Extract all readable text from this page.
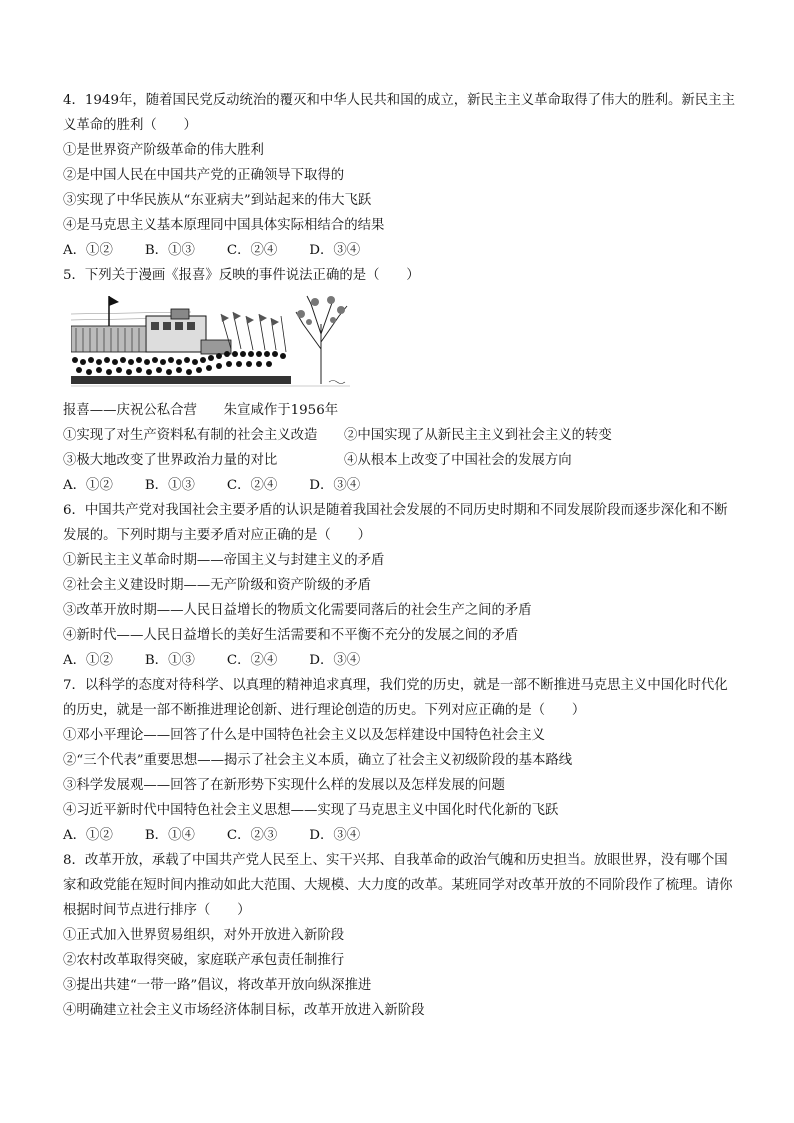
4．1949年，随着国民党反动统治的覆灭和中华人民共和国的成立，新民主主义革命取得了伟大的胜利。新民主主义革命的胜利（　　）
①是世界资产阶级革命的伟大胜利
②是中国人民在中国共产党的正确领导下取得的
③实现了中华民族从“东亚病夫”到站起来的伟大飞跃
④是马克思主义基本原理同中国具体实际相结合的结果
A．①② B．①③ C．②④ D．③④
5．下列关于漫画《报喜》反映的事件说法正确的是（　　）
报喜——庆祝公私合营　　朱宣咸作于1956年
①实现了对生产资料私有制的社会主义改造 ②中国实现了从新民主主义到社会主义的转变
③极大地改变了世界政治力量的对比	④从根本上改变了中国社会的发展方向
A．①② B．①③ C．②④ D．③④
6．中国共产党对我国社会主要矛盾的认识是随着我国社会发展的不同历史时期和不同发展阶段而逐步深化和不断发展的。下列时期与主要矛盾对应正确的是（　　）
①新民主主义革命时期——帝国主义与封建主义的矛盾
②社会主义建设时期——无产阶级和资产阶级的矛盾
③改革开放时期——人民日益增长的物质文化需要同落后的社会生产之间的矛盾
④新时代——人民日益增长的美好生活需要和不平衡不充分的发展之间的矛盾
A．①② B．①③ C．②④ D．③④
7．以科学的态度对待科学、以真理的精神追求真理，我们党的历史，就是一部不断推进马克思主义中国化时代化的历史，就是一部不断推进理论创新、进行理论创造的历史。下列对应正确的是（　　）
①邓小平理论——回答了什么是中国特色社会主义以及怎样建设中国特色社会主义
②“三个代表”重要思想——揭示了社会主义本质，确立了社会主义初级阶段的基本路线
③科学发展观——回答了在新形势下实现什么样的发展以及怎样发展的问题
④习近平新时代中国特色社会主义思想——实现了马克思主义中国化时代化新的飞跃
A．①② B．①④ C．②③ D．③④
8．改革开放，承载了中国共产党人民至上、实干兴邦、自我革命的政治气魄和历史担当。放眼世界，没有哪个国家和政党能在短时间内推动如此大范围、大规模、大力度的改革。某班同学对改革开放的不同阶段作了梳理。请你根据时间节点进行排序（　　）
①正式加入世界贸易组织，对外开放进入新阶段
②农村改革取得突破，家庭联产承包责任制推行
③提出共建“一带一路”倡议，将改革开放向纵深推进
④明确建立社会主义市场经济体制目标，改革开放进入新阶段
